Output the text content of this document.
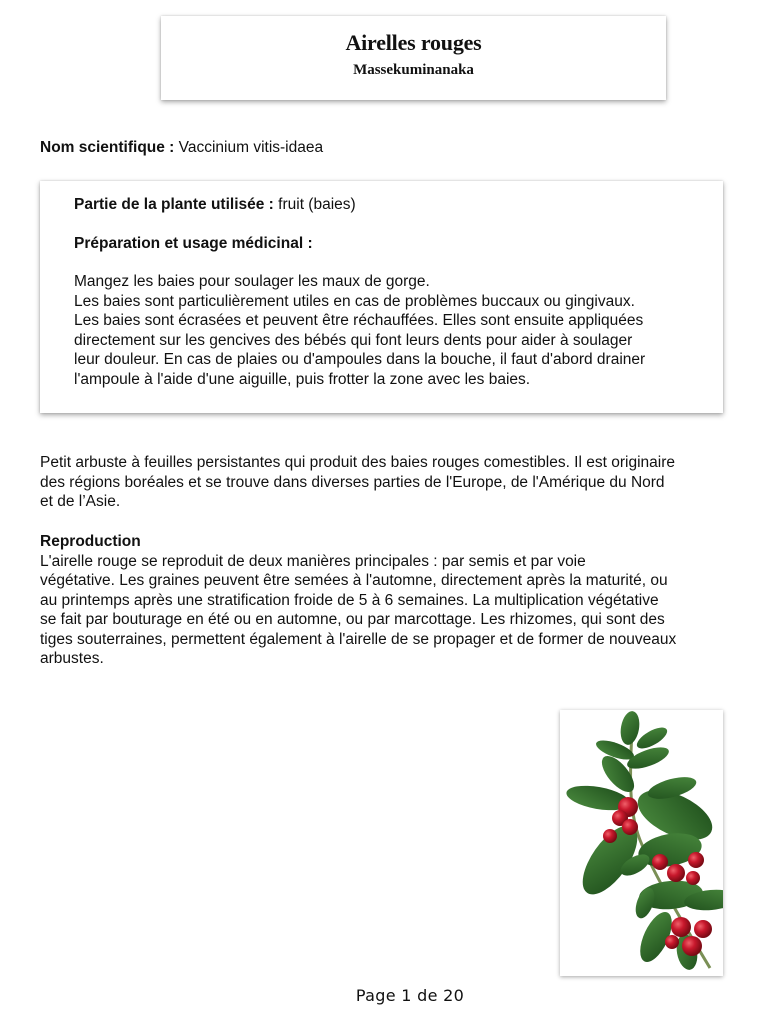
Airelles rouges
Massekuminanaka
Nom scientifique : Vaccinium vitis-idaea
Partie de la plante utilisée : fruit (baies)
Préparation et usage médicinal :
Mangez les baies pour soulager les maux de gorge.
Les baies sont particulièrement utiles en cas de problèmes buccaux ou gingivaux.
Les baies sont écrasées et peuvent être réchauffées. Elles sont ensuite appliquées
directement sur les gencives des bébés qui font leurs dents pour aider à soulager
leur douleur. En cas de plaies ou d'ampoules dans la bouche, il faut d'abord drainer
l'ampoule à l'aide d'une aiguille, puis frotter la zone avec les baies.
Petit arbuste à feuilles persistantes qui produit des baies rouges comestibles. Il est originaire
des régions boréales et se trouve dans diverses parties de l'Europe, de l'Amérique du Nord
et de l’Asie.
Reproduction
L'airelle rouge se reproduit de deux manières principales : par semis et par voie
végétative. Les graines peuvent être semées à l'automne, directement après la maturité, ou
au printemps après une stratification froide de 5 à 6 semaines. La multiplication végétative
se fait par bouturage en été ou en automne, ou par marcottage. Les rhizomes, qui sont des
tiges souterraines, permettent également à l'airelle de se propager et de former de nouveaux
arbustes.
Page 1 de 20
